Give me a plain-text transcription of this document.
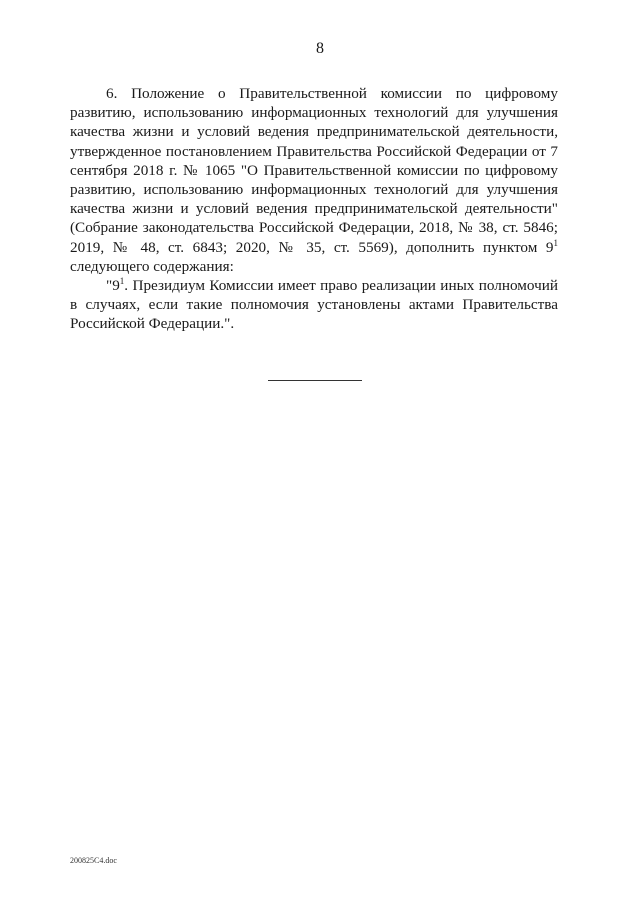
8

6. Положение о Правительственной комиссии по цифровому развитию, использованию информационных технологий для улучшения качества жизни и условий ведения предпринимательской деятельности, утвержденное постановлением Правительства Российской Федерации от 7 сентября 2018 г. № 1065 "О Правительственной комиссии по цифровому развитию, использованию информационных технологий для улучшения качества жизни и условий ведения предпринимательской деятельности" (Собрание законодательства Российской Федерации, 2018, № 38, ст. 5846; 2019, № 48, ст. 6843; 2020, № 35, ст. 5569), дополнить пунктом $9^1$ следующего содержания:

"$9^1$. Президиум Комиссии имеет право реализации иных полномочий в случаях, если такие полномочия установлены актами Правительства Российской Федерации.".

200825C4.doc
